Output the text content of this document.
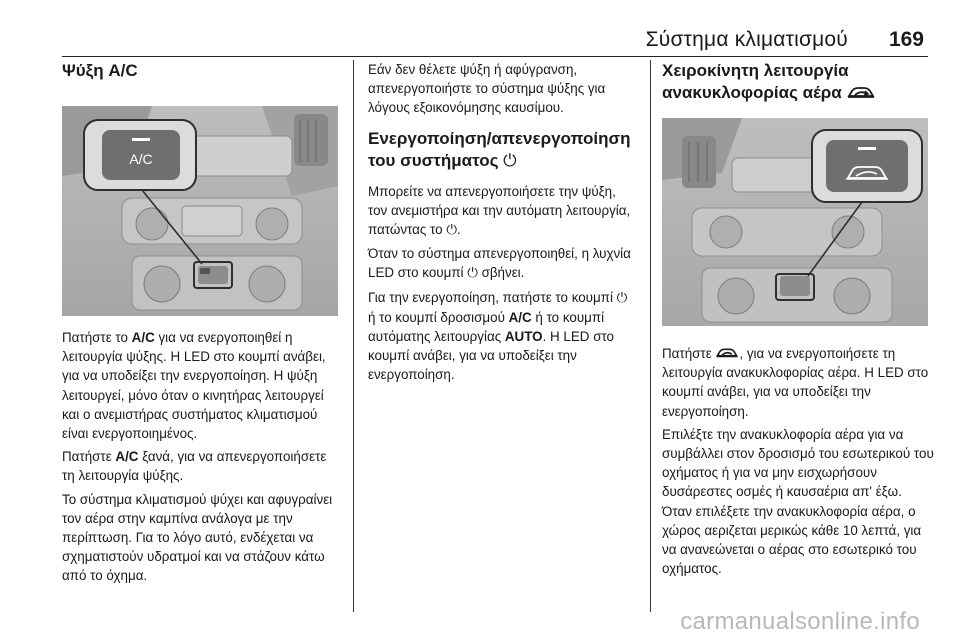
Σύστημα κλιματισμού 169
Ψύξη A/C
A/C

Πατήστε το A/C για να ενεργοποιηθεί η λειτουργία ψύξης. Η LED στο κουμπί ανάβει, για να υποδείξει την ενεργοποίηση. Η ψύξη λειτουργεί, μόνο όταν ο κινητήρας λειτουργεί και ο ανεμιστήρας συστήματος κλιματισμού είναι ενεργοποιημένος.

Πατήστε A/C ξανά, για να απενεργοποιήσετε τη λειτουργία ψύξης.

Το σύστημα κλιματισμού ψύχει και αφυγραίνει τον αέρα στην καμπίνα ανάλογα με την περίπτωση. Για το λόγο αυτό, ενδέχεται να σχηματιστούν υδρατμοί και να στάζουν κάτω από το όχημα.

Εάν δεν θέλετε ψύξη ή αφύγρανση, απενεργοποιήστε το σύστημα ψύξης για λόγους εξοικονόμησης καυσίμου.

Ενεργοποίηση/απενεργοποίηση του συστήματος ⏻

Μπορείτε να απενεργοποιήσετε την ψύξη, τον ανεμιστήρα και την αυτόματη λειτουργία, πατώντας το ⏻.

Όταν το σύστημα απενεργοποιηθεί, η λυχνία LED στο κουμπί ⏻ σβήνει.

Για την ενεργοποίηση, πατήστε το κουμπί ⏻ ή το κουμπί δροσισμού A/C ή το κουμπί αυτόματης λειτουργίας AUTO. Η LED στο κουμπί ανάβει, για να υποδείξει την ενεργοποίηση.

Χειροκίνητη λειτουργία ανακυκλοφορίας αέρα

Πατήστε , για να ενεργοποιήσετε τη λειτουργία ανακυκλοφορίας αέρα. Η LED στο κουμπί ανάβει, για να υποδείξει την ενεργοποίηση.

Επιλέξτε την ανακυκλοφορία αέρα για να συμβάλλει στον δροσισμό του εσωτερικού του οχήματος ή για να μην εισχωρήσουν δυσάρεστες οσμές ή καυσαέρια απ' έξω. Όταν επιλέξετε την ανακυκλοφορία αέρα, ο χώρος αεριζεται μερικώς κάθε 10 λεπτά, για να ανανεώνεται ο αέρας στο εσωτερικό του οχήματος.

carmanualsonline.info
